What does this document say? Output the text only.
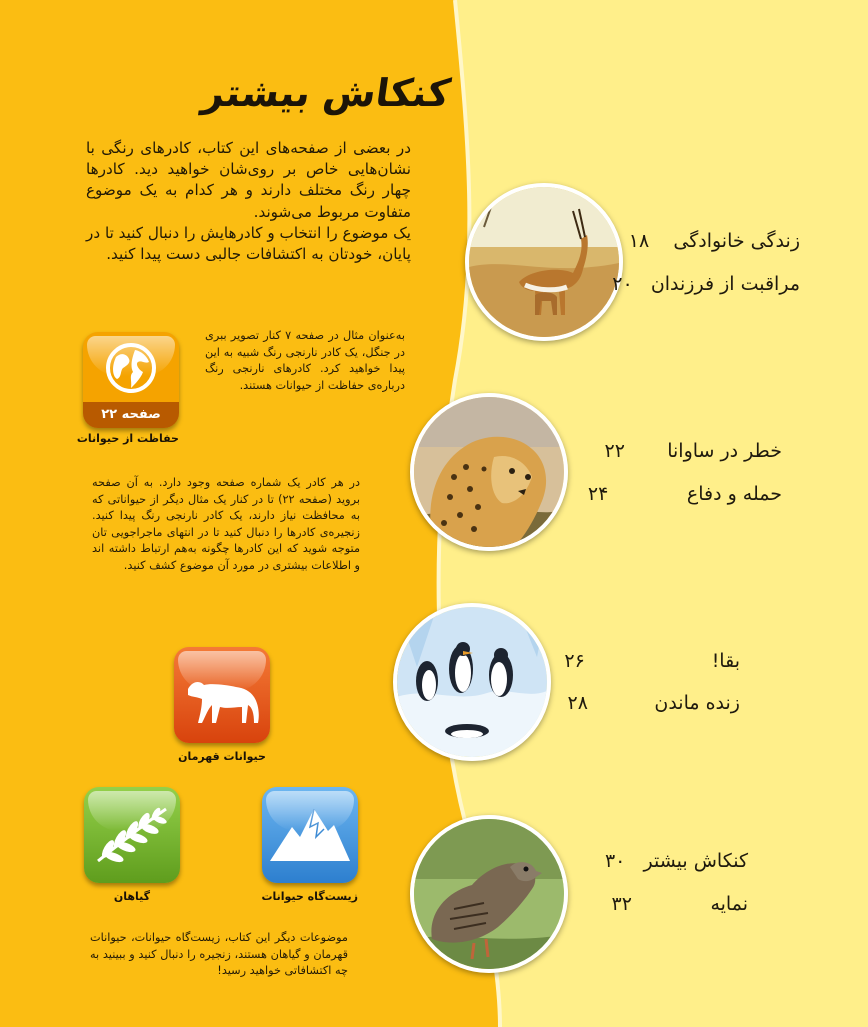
کنکاش بیشتر

در بعضی از صفحه‌های این کتاب، کادرهای رنگی با نشان‌هایی خاص بر روی‌شان خواهید دید. کادرها چهار رنگ مختلف دارند و هر کدام به یک موضوع متفاوت مربوط می‌شوند.

یک موضوع را انتخاب و کادرهایش را دنبال کنید تا در پایان، خودتان به اکتشافات جالبی دست پیدا کنید.

صفحه ۲۲
حفاظت از حیوانات
به‌عنوان مثال در صفحه ۷ کنار تصویر ببری در جنگل، یک کادر نارنجی رنگ شبیه به این پیدا خواهید کرد. کادرهای نارنجی رنگ درباره‌ی حفاظت از حیوانات هستند.
در هر کادر یک شماره صفحه وجود دارد. به آن صفحه بروید (صفحه ۲۲) تا در کنار یک مثال دیگر از حیواناتی که به محافظت نیاز دارند، یک کادر نارنجی رنگ پیدا کنید. زنجیره‌ی کادرها را دنبال کنید تا در انتهای ماجراجویی تان متوجه شوید که این کادرها چگونه به‌هم ارتباط داشته اند و اطلاعات بیشتری در مورد آن موضوع کشف کنید.
حیوانات قهرمان
گیاهان	زیست‌گاه حیوانات
موضوعات دیگر این کتاب، زیست‌گاه حیوانات، حیوانات قهرمان و گیاهان هستند، زنجیره را دنبال کنید و ببینید به چه اکتشافاتی خواهید رسید!
زندگی خانوادگی    ۱۸
مراقبت از فرزندان   ۲۰
خطر در ساوانا       ۲۲
حمله و دفاع             ۲۴
بقا!                     ۲۶
زنده ماندن           ۲۸
کنکاش بیشتر   ۳۰
نمایه             ۳۲
